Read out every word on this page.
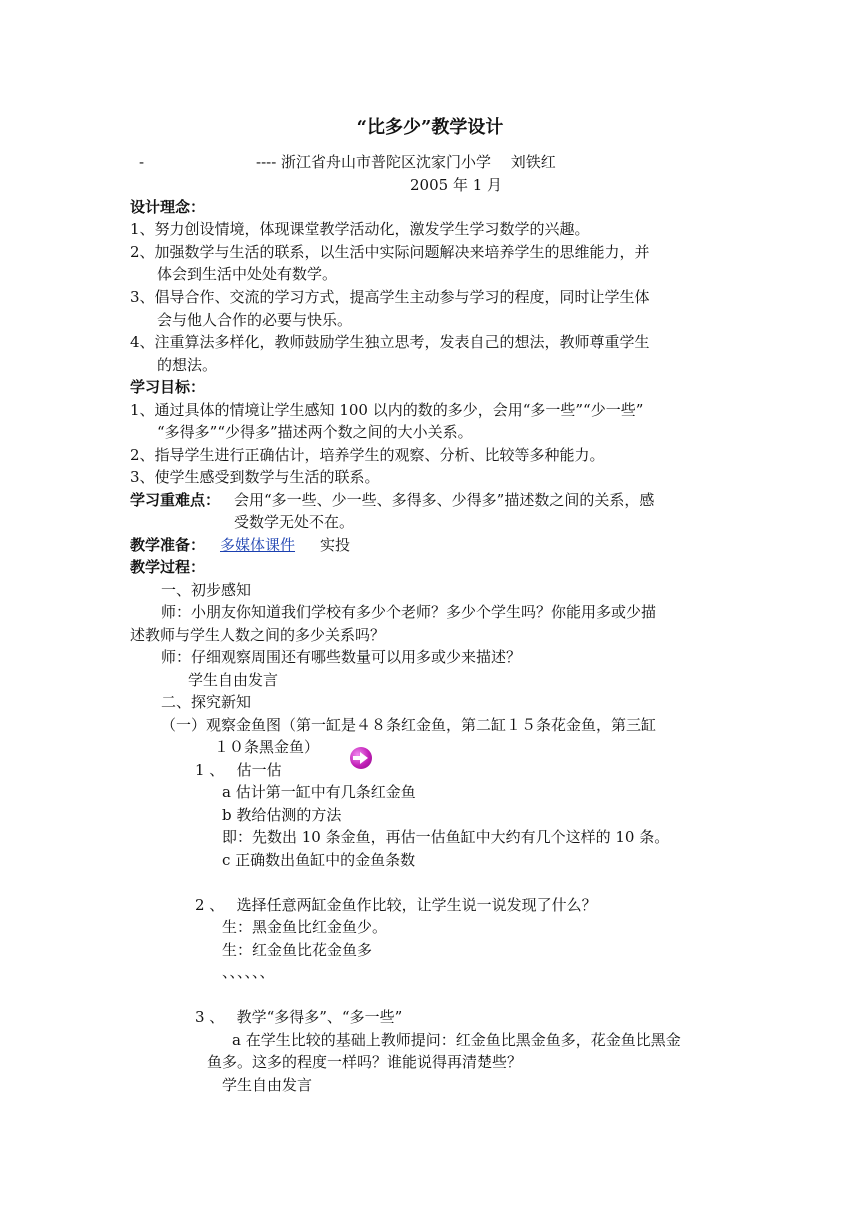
“比多少”教学设计
-	---- 浙江省舟山市普陀区沈家门小学　 刘铁红
2005 年 1 月
设计理念：
1、努力创设情境，体现课堂教学活动化，激发学生学习数学的兴趣。
2、加强数学与生活的联系，以生活中实际问题解决来培养学生的思维能力，并
体会到生活中处处有数学。
3、倡导合作、交流的学习方式，提高学生主动参与学习的程度，同时让学生体
会与他人合作的必要与快乐。
4、注重算法多样化，教师鼓励学生独立思考，发表自己的想法，教师尊重学生
的想法。
学习目标：
1、通过具体的情境让学生感知 100 以内的数的多少，会用“多一些”“少一些”
“多得多”“少得多”描述两个数之间的大小关系。
2、指导学生进行正确估计，培养学生的观察、分析、比较等多种能力。
3、使学生感受到数学与生活的联系。
学习重难点： 会用“多一些、少一些、多得多、少得多”描述数之间的关系，感
受数学无处不在。
教学准备： 多媒体课件 实投
教学过程：
一、初步感知
师：小朋友你知道我们学校有多少个老师？多少个学生吗？你能用多或少描
述教师与学生人数之间的多少关系吗？
师：仔细观察周围还有哪些数量可以用多或少来描述？
学生自由发言
二、探究新知
（一）观察金鱼图（第一缸是４８条红金鱼，第二缸１５条花金鱼，第三缸
１０条黑金鱼）
1 、　 估一估
a 估计第一缸中有几条红金鱼
b 教给估测的方法
即：先数出 10 条金鱼，再估一估鱼缸中大约有几个这样的 10 条。
c 正确数出鱼缸中的金鱼条数
2 、　 选择任意两缸金鱼作比较，让学生说一说发现了什么？
生：黑金鱼比红金鱼少。
生：红金鱼比花金鱼多
、、、、、、
3 、　 教学“多得多”、“多一些”
a 在学生比较的基础上教师提问：红金鱼比黑金鱼多，花金鱼比黑金
鱼多。这多的程度一样吗？谁能说得再清楚些？
学生自由发言
